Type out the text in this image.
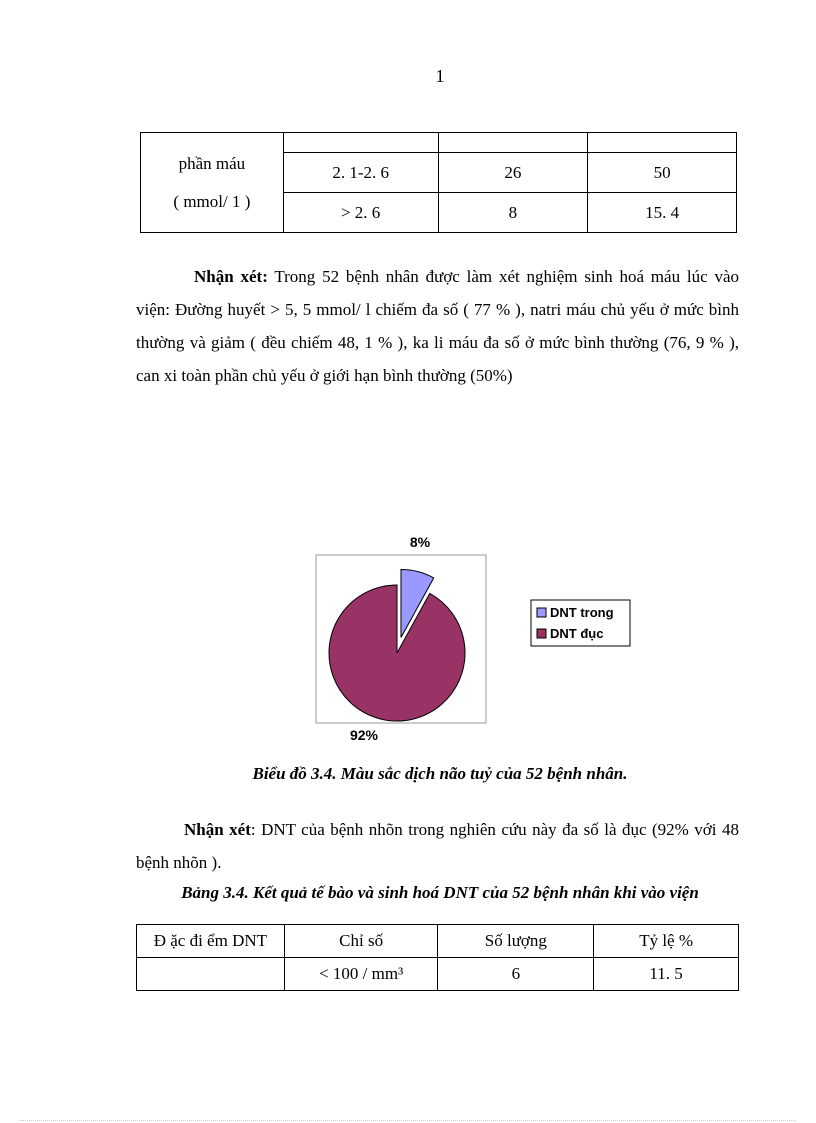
1
phần máu
( mmol/ 1 )			

	2. 1-2. 6	26	50
	> 2. 6	8	15. 4
Nhận xét: Trong 52 bệnh nhân được làm xét nghiệm sinh hoá máu lúc vào viện: Đường huyết > 5, 5 mmol/ l chiếm đa số ( 77 % ), natri máu chủ yếu ở mức bình thường và giảm ( đều chiếm 48, 1 % ), ka li máu đa số ở mức bình thường (76, 9 % ), can xi toàn phần chủ yếu ở giới hạn bình thường (50%)
8%
92%
DNT trong
DNT đục
Biểu đồ 3.4. Màu sắc dịch não tuỷ của 52 bệnh nhân.
Nhận xét: DNT của bệnh nhõn trong nghiên cứu này đa số là đục (92% với 48 bệnh nhõn ).
Bảng 3.4. Kết quả tế bào và sinh hoá DNT của 52 bệnh nhân khi vào viện
Đ ặc đi ểm DNT	Chỉ số	Số lượng	Tỷ lệ %
	< 100 / mm³	6	11. 5
